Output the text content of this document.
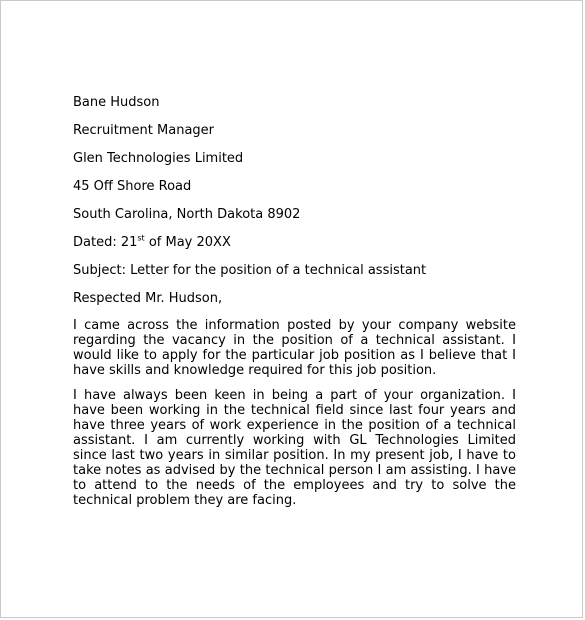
Bane Hudson
Recruitment Manager
Glen Technologies Limited
45 Off Shore Road
South Carolina, North Dakota 8902
Dated: 21st of May 20XX
Subject: Letter for the position of a technical assistant
Respected Mr. Hudson,

I came across the information posted by your company website regarding the vacancy in the position of a technical assistant. I would like to apply for the particular job position as I believe that I have skills and knowledge required for this job position.

I have always been keen in being a part of your organization. I have been working in the technical field since last four years and have three years of work experience in the position of a technical assistant. I am currently working with GL Technologies Limited since last two years in similar position. In my present job, I have to take notes as advised by the technical person I am assisting. I have to attend to the needs of the employees and try to solve the technical problem they are facing.
